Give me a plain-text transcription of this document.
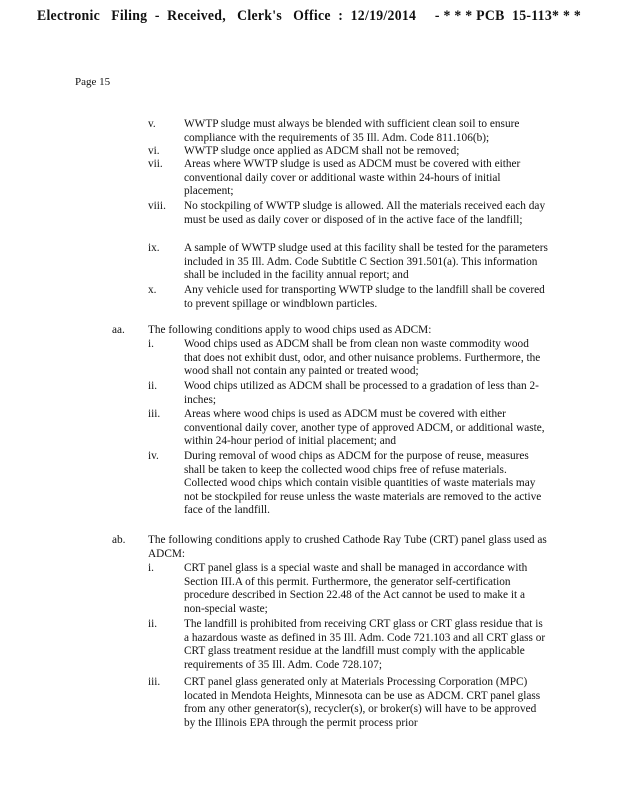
Electronic   Filing  -  Received,   Clerk's   Office  :  12/19/2014     - * * * PCB  15-113* * *
Page 15
v.	WWTP sludge must always be blended with sufficient clean soil to ensure compliance with the requirements of 35 Ill. Adm. Code 811.106(b);
vi.	WWTP sludge once applied as ADCM shall not be removed;
vii.	Areas where WWTP sludge is used as ADCM must be covered with either conventional daily cover or additional waste within 24-hours of initial placement;
viii.	No stockpiling of WWTP sludge is allowed. All the materials received each day must be used as daily cover or disposed of in the active face of the landfill;
ix.	A sample of WWTP sludge used at this facility shall be tested for the parameters included in 35 Ill. Adm. Code Subtitle C Section 391.501(a). This information shall be included in the facility annual report; and
x.	Any vehicle used for transporting WWTP sludge to the landfill shall be covered to prevent spillage or windblown particles.
aa. The following conditions apply to wood chips used as ADCM:
i.	Wood chips used as ADCM shall be from clean non waste commodity wood that does not exhibit dust, odor, and other nuisance problems. Furthermore, the wood shall not contain any painted or treated wood;
ii.	Wood chips utilized as ADCM shall be processed to a gradation of less than 2-inches;
iii.	Areas where wood chips is used as ADCM must be covered with either conventional daily cover, another type of approved ADCM, or additional waste, within 24-hour period of initial placement; and
iv.	During removal of wood chips as ADCM for the purpose of reuse, measures shall be taken to keep the collected wood chips free of refuse materials. Collected wood chips which contain visible quantities of waste materials may not be stockpiled for reuse unless the waste materials are removed to the active face of the landfill.
ab. The following conditions apply to crushed Cathode Ray Tube (CRT) panel glass used as ADCM:
i.	CRT panel glass is a special waste and shall be managed in accordance with Section III.A of this permit. Furthermore, the generator self-certification procedure described in Section 22.48 of the Act cannot be used to make it a non-special waste;
ii.	The landfill is prohibited from receiving CRT glass or CRT glass residue that is a hazardous waste as defined in 35 Ill. Adm. Code 721.103 and all CRT glass or CRT glass treatment residue at the landfill must comply with the applicable requirements of 35 Ill. Adm. Code 728.107;
iii.	CRT panel glass generated only at Materials Processing Corporation (MPC) located in Mendota Heights, Minnesota can be use as ADCM. CRT panel glass from any other generator(s), recycler(s), or broker(s) will have to be approved by the Illinois EPA through the permit process prior
